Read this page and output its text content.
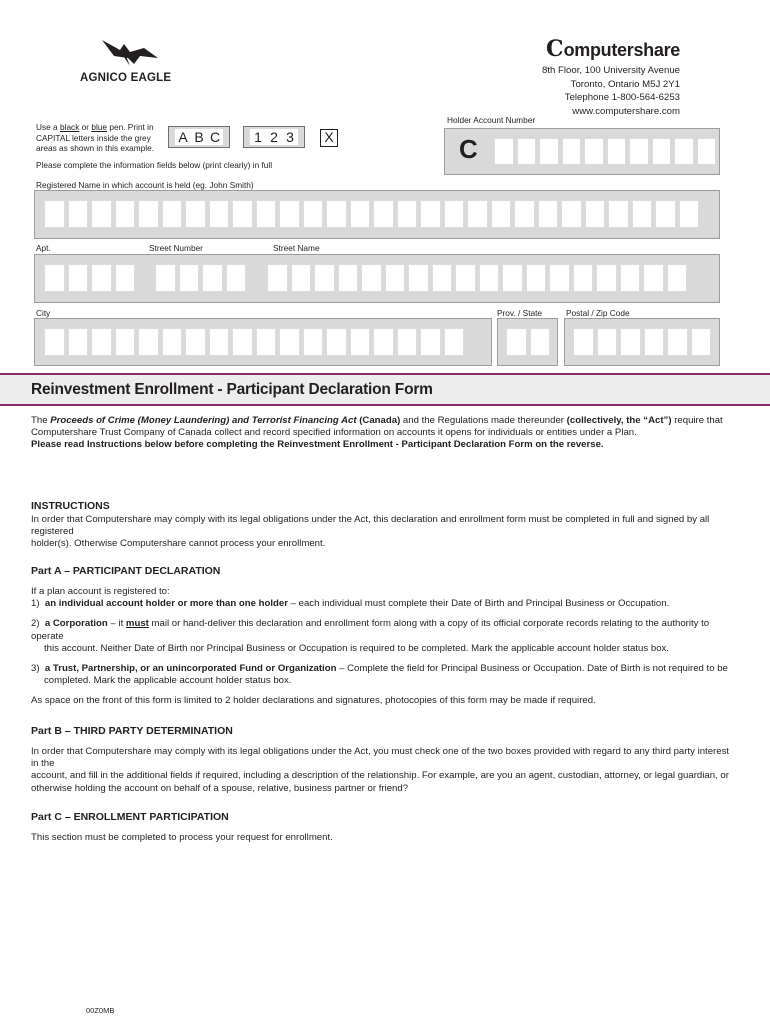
AGNICO EAGLE
Computershare
8th Floor, 100 University Avenue
Toronto, Ontario M5J 2Y1
Telephone 1-800-564-6253
www.computershare.com
Use a black or blue pen. Print in
CAPITAL letters inside the grey
areas as shown in this example.
A B C 1 2 3	X
Please complete the information fields below (print clearly) in full
Holder Account Number
C
Registered Name in which account is held (eg. John Smith)
Apt.	Street Number	Street Name
City	Prov. / State	Postal / Zip Code
Reinvestment Enrollment - Participant Declaration Form
The Proceeds of Crime (Money Laundering) and Terrorist Financing Act (Canada) and the Regulations made thereunder (collectively, the “Act”) require that
Computershare Trust Company of Canada collect and record specified information on accounts it opens for individuals or entities under a Plan.
Please read Instructions below before completing the Reinvestment Enrollment - Participant Declaration Form on the reverse.
INSTRUCTIONS
In order that Computershare may comply with its legal obligations under the Act, this declaration and enrollment form must be completed in full and signed by all registered
holder(s). Otherwise Computershare cannot process your enrollment.
Part A – PARTICIPANT DECLARATION
If a plan account is registered to:
1) an individual account holder or more than one holder – each individual must complete their Date of Birth and Principal Business or Occupation.
2) a Corporation – it must mail or hand-deliver this declaration and enrollment form along with a copy of its official corporate records relating to the authority to operate
this account. Neither Date of Birth nor Principal Business or Occupation is required to be completed. Mark the applicable account holder status box.
3) a Trust, Partnership, or an unincorporated Fund or Organization – Complete the field for Principal Business or Occupation. Date of Birth is not required to be
completed. Mark the applicable account holder status box.
As space on the front of this form is limited to 2 holder declarations and signatures, photocopies of this form may be made if required.
Part B – THIRD PARTY DETERMINATION
In order that Computershare may comply with its legal obligations under the Act, you must check one of the two boxes provided with regard to any third party interest in the
account, and fill in the additional fields if required, including a description of the relationship. For example, are you an agent, custodian, attorney, or legal guardian, or
otherwise holding the account on behalf of a spouse, relative, business partner or friend?
Part C – ENROLLMENT PARTICIPATION
This section must be completed to process your request for enrollment.
00Z0MB
